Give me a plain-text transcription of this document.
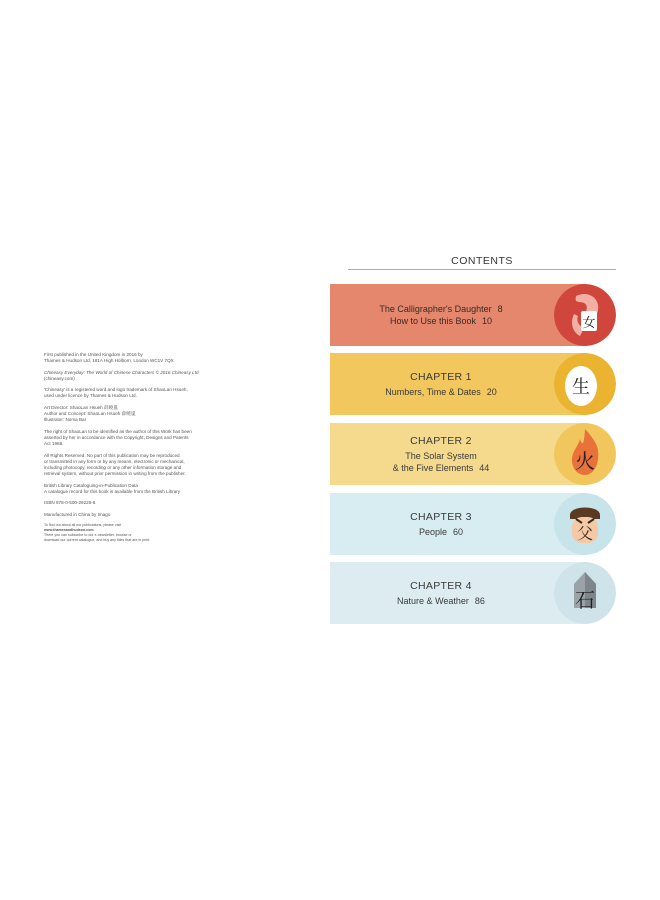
First published in the United Kingdom in 2016 by
Thames & Hudson Ltd, 181A High Holborn, London WC1V 7QX

Chineasy Everyday: The World of Chinese Characters © 2016 Chineasy Ltd
(chineasy.com)

'Chineasy' is a registered word and logo trademark of ShaoLan Hsueh,
used under licence by Thames & Hudson Ltd.

Art Director: ShaoLan Hsueh 薛曉嵐
Author and Concept: ShaoLan Hsueh 薛曉嵐
Illustrator: Noma Bar

The right of ShaoLan to be identified as the author of this Work has been
asserted by her in accordance with the Copyright, Designs and Patents
Act 1988.

All Rights Reserved. No part of this publication may be reproduced
or transmitted in any form or by any means, electronic or mechanical,
including photocopy, recording or any other information storage and
retrieval system, without prior permission in writing from the publisher.

British Library Cataloguing-in-Publication Data
A catalogue record for this book is available from the British Library

ISBN 978-0-500-29226-6

Manufactured in China by Imago

To find out about all our publications, please visit

www.thamesandhudson.com

There you can subscribe to our e-newsletter, browse or

download our current catalogue, and buy any titles that are in print.

CONTENTS
The Calligrapher's Daughter 8
How to Use this Book 10	女
CHAPTER 1
Numbers, Time & Dates 20	生
CHAPTER 2
The Solar System
& the Five Elements 44	火
CHAPTER 3
People 60	父
CHAPTER 4
Nature & Weather 86	石
